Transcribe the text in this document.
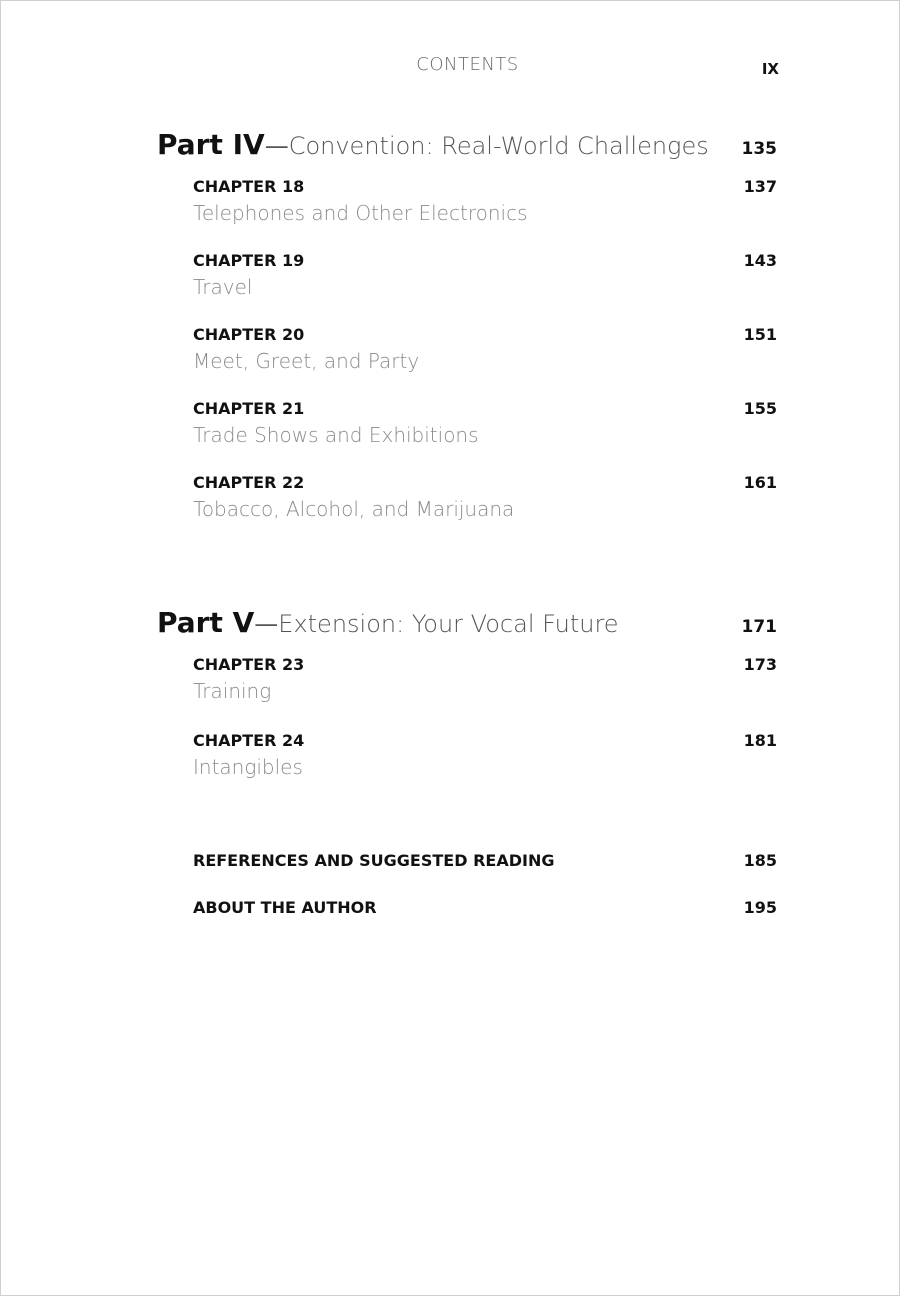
CONTENTS	IX
Part IV—Convention: Real-World Challenges 135
CHAPTER 18	137
Telephones and Other Electronics
CHAPTER 19	143
Travel
CHAPTER 20	151
Meet, Greet, and Party
CHAPTER 21	155
Trade Shows and Exhibitions
CHAPTER 22	161
Tobacco, Alcohol, and Marijuana
Part V—Extension: Your Vocal Future	171
CHAPTER 23	173
Training
CHAPTER 24	181
Intangibles
REFERENCES AND SUGGESTED READING	185
ABOUT THE AUTHOR	195
